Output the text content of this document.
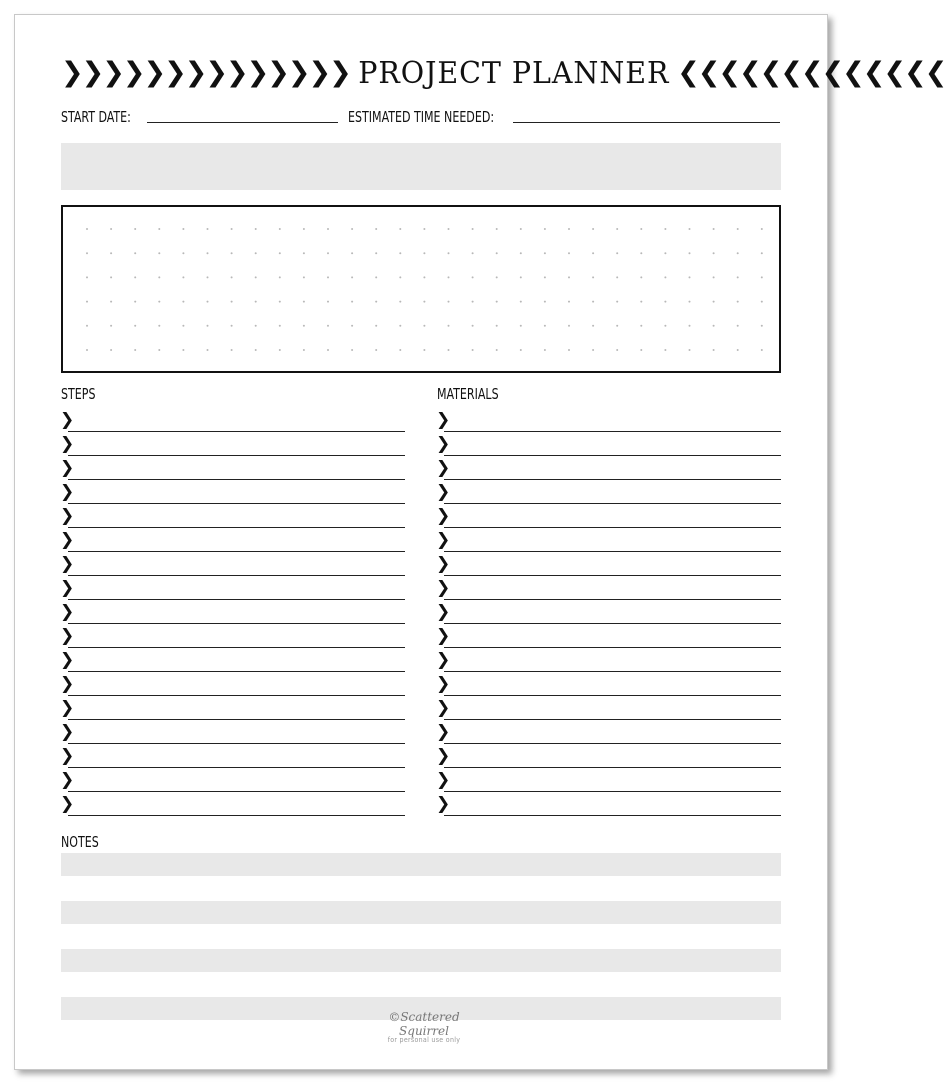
❯❯❯❯❯❯❯❯❯❯❯❯❯❯ PROJECT PLANNER ❮❮❮❮❮❮❮❮❮❮❮❮❮
START DATE:	ESTIMATED TIME NEEDED:
STEPS	MATERIALS
❯
❯
❯
❯
❯
❯
❯
❯
❯
❯
❯
❯
❯
❯
❯
❯
❯
❯
❯
❯
❯
❯
❯
❯
❯
❯
❯
❯
❯
❯
❯
❯
❯
❯
NOTES
©Scattered Squirrel
for personal use only
